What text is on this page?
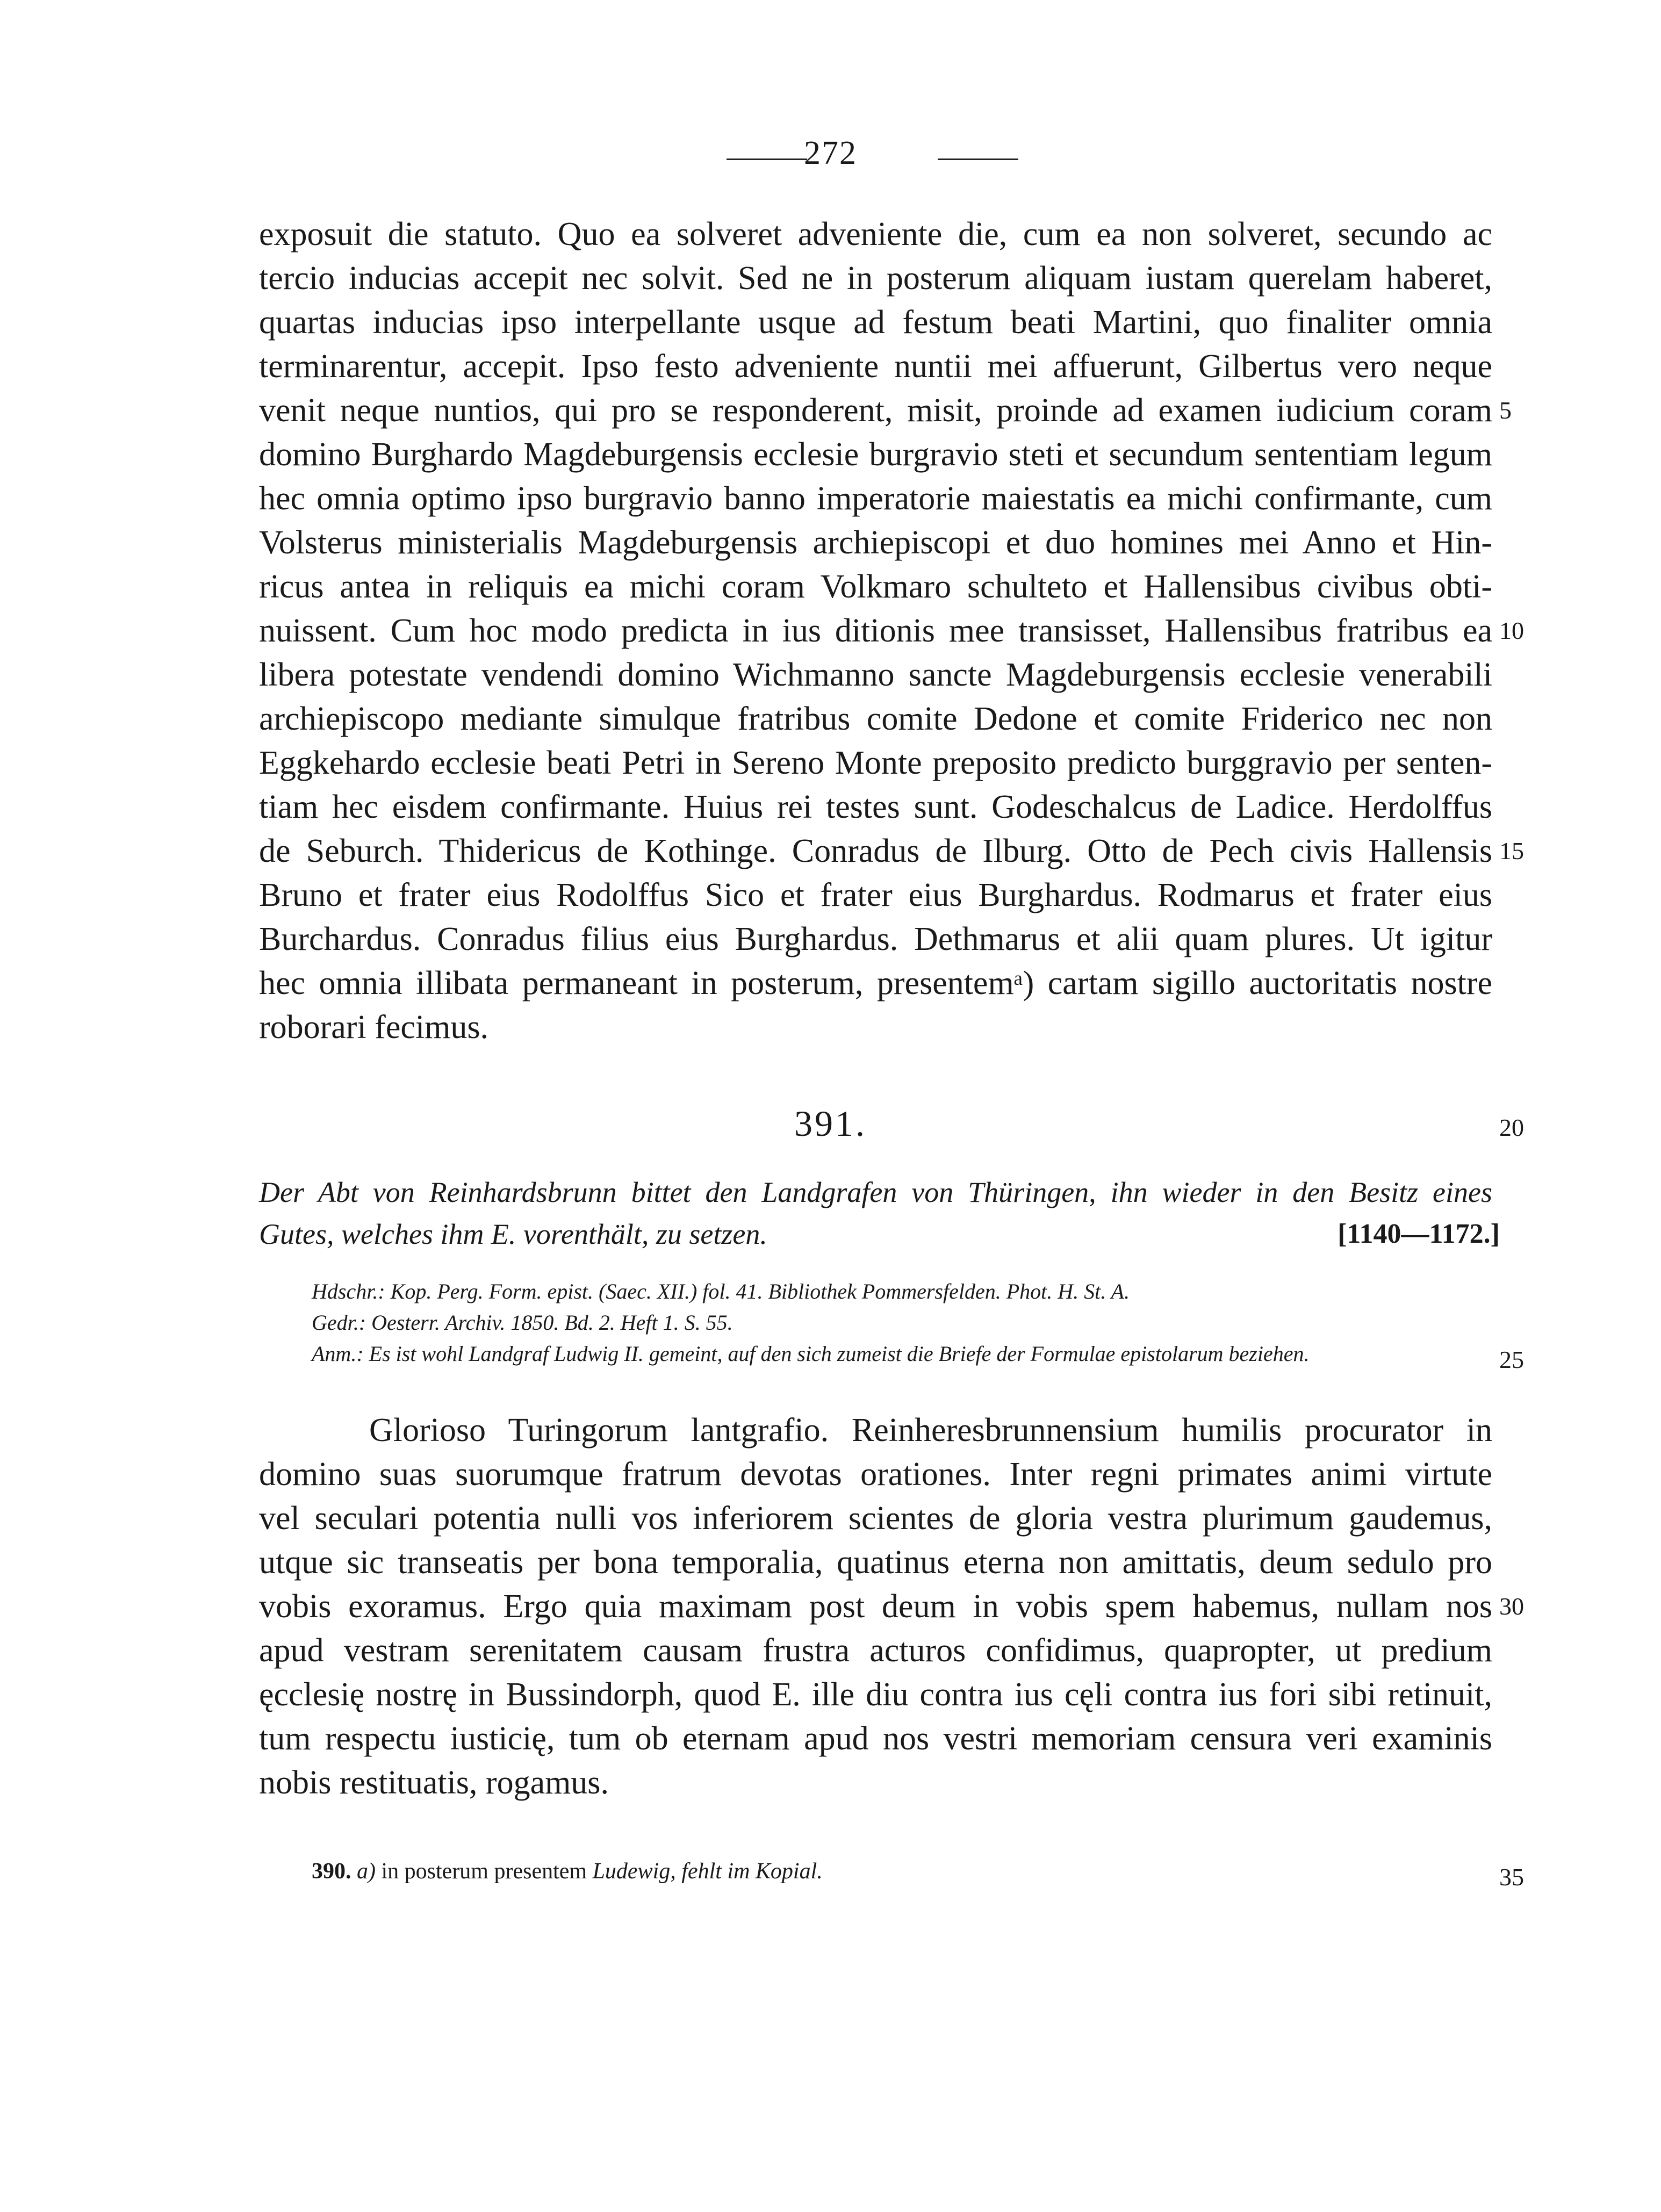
272
exposuit die statuto. Quo ea solveret adveniente die, cum ea non solveret, secundo ac
tercio inducias accepit nec solvit. Sed ne in posterum aliquam iustam querelam haberet,
quartas inducias ipso interpellante usque ad festum beati Martini, quo finaliter omnia
terminarentur, accepit. Ipso festo adveniente nuntii mei affuerunt, Gilbertus vero neque
venit neque nuntios, qui pro se responderent, misit, proinde ad examen iudicium coram
domino Burghardo Magdeburgensis ecclesie burgravio steti et secundum sententiam legum
hec omnia optimo ipso burgravio banno imperatorie maiestatis ea michi confirmante, cum
Volsterus ministerialis Magdeburgensis archiepiscopi et duo homines mei Anno et Hin-
ricus antea in reliquis ea michi coram Volkmaro schulteto et Hallensibus civibus obti-
nuissent. Cum hoc modo predicta in ius ditionis mee transisset, Hallensibus fratribus ea
libera potestate vendendi domino Wichmanno sancte Magdeburgensis ecclesie venerabili
archiepiscopo mediante simulque fratribus comite Dedone et comite Friderico nec non
Eggkehardo ecclesie beati Petri in Sereno Monte preposito predicto burggravio per senten-
tiam hec eisdem confirmante. Huius rei testes sunt. Godeschalcus de Ladice. Herdolffus
de Seburch. Thidericus de Kothinge. Conradus de Ilburg. Otto de Pech civis Hallensis
Bruno et frater eius Rodolffus Sico et frater eius Burghardus. Rodmarus et frater eius
Burchardus. Conradus filius eius Burghardus. Dethmarus et alii quam plures. Ut igitur
hec omnia illibata permaneant in posterum, presentemᵃ) cartam sigillo auctoritatis nostre
roborari fecimus.
5
10
15
20
25
30
35
391.
Der Abt von Reinhardsbrunn bittet den Landgrafen von Thüringen, ihn wieder in den Besitz eines
Gutes, welches ihm E. vorenthält, zu setzen.	[1140—1172.]
Hdschr.: Kop. Perg. Form. epist. (Saec. XII.) fol. 41. Bibliothek Pommersfelden. Phot. H. St. A.
Gedr.: Oesterr. Archiv. 1850. Bd. 2. Heft 1. S. 55.
Anm.: Es ist wohl Landgraf Ludwig II. gemeint, auf den sich zumeist die Briefe der Formulae epistolarum beziehen.
Glorioso Turingorum lantgrafio. Reinheresbrunnensium humilis procurator in
domino suas suorumque fratrum devotas orationes. Inter regni primates animi virtute
vel seculari potentia nulli vos inferiorem scientes de gloria vestra plurimum gaudemus,
utque sic transeatis per bona temporalia, quatinus eterna non amittatis, deum sedulo pro
vobis exoramus. Ergo quia maximam post deum in vobis spem habemus, nullam nos
apud vestram serenitatem causam frustra acturos confidimus, quapropter, ut predium
ęcclesię nostrę in Bussindorph, quod E. ille diu contra ius cęli contra ius fori sibi retinuit,
tum respectu iusticię, tum ob eternam apud nos vestri memoriam censura veri examinis
nobis restituatis, rogamus.
390. a) in posterum presentem Ludewig, fehlt im Kopial.
